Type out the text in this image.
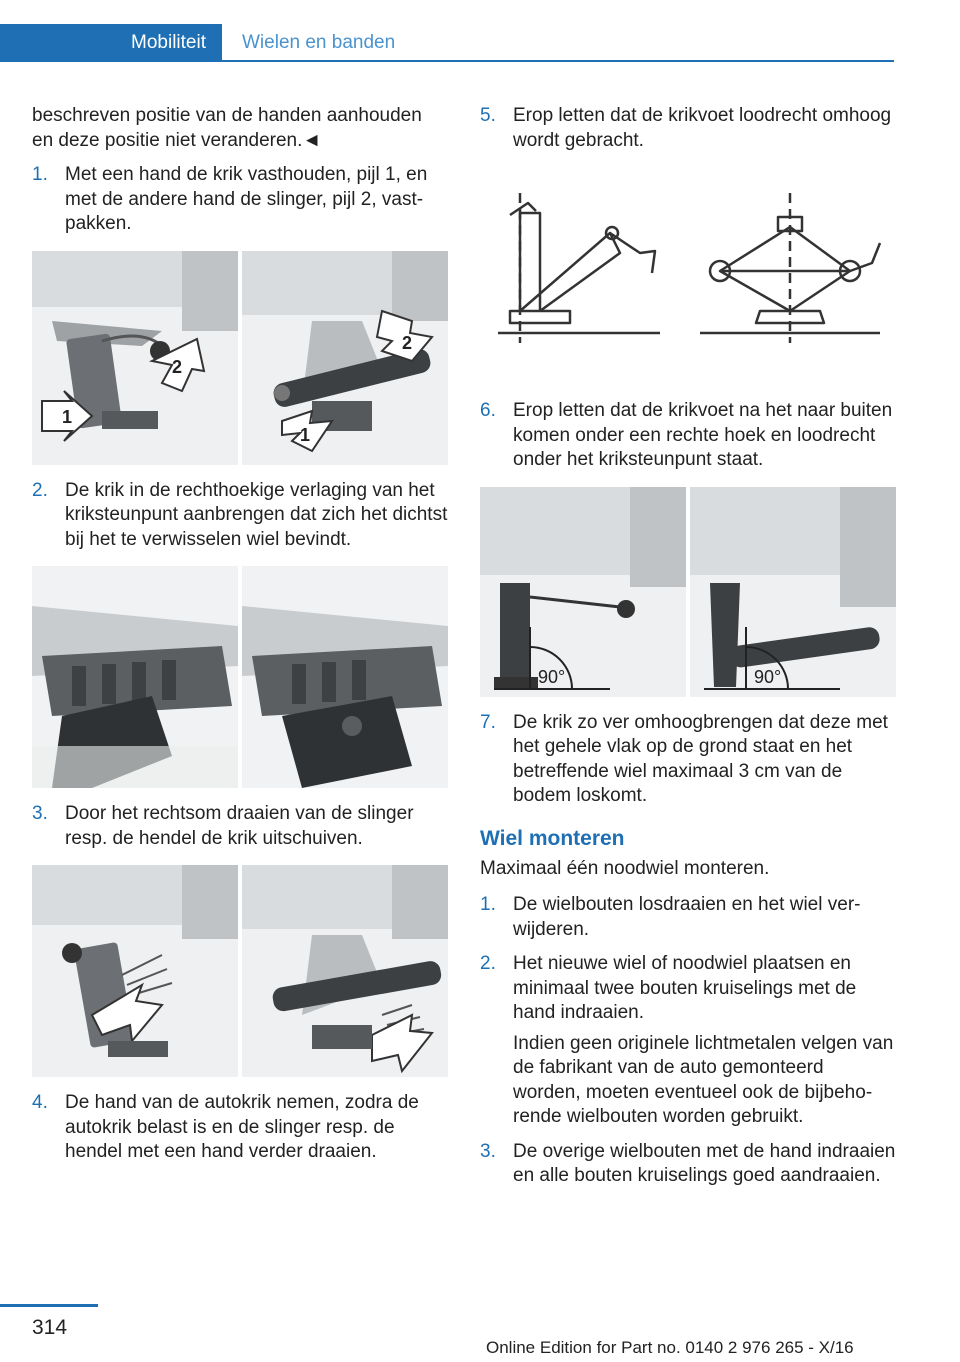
Mobiliteit	Wielen en banden

beschreven positie van de handen aanhouden en deze positie niet veranderen.◄

1. Met een hand de krik vasthouden, pijl 1, en met de andere hand de slinger, pijl 2, vastpakken.
2
1
2
1
2. De krik in de rechthoekige verlaging van het kriksteunpunt aanbrengen dat zich het dichtst bij het te verwisselen wiel bevindt.
3. Door het rechtsom draaien van de slinger resp. de hendel de krik uitschuiven.
4. De hand van de autokrik nemen, zodra de autokrik belast is en de slinger resp. de hendel met een hand verder draaien.
5. Erop letten dat de krikvoet loodrecht omhoog wordt gebracht.
6. Erop letten dat de krikvoet na het naar buiten komen onder een rechte hoek en loodrecht onder het kriksteunpunt staat.
90°	90°
7. De krik zo ver omhoogbrengen dat deze met het gehele vlak op de grond staat en het betreffende wiel maximaal 3 cm van de bodem loskomt.
Wiel monteren

Maximaal één noodwiel monteren.

1. De wielbouten losdraaien en het wiel verwijderen.
2. Het nieuwe wiel of noodwiel plaatsen en minimaal twee bouten kruiselings met de hand indraaien.
Indien geen originele lichtmetalen velgen van de fabrikant van de auto gemonteerd worden, moeten eventueel ook de bijbehorende wielbouten worden gebruikt.
3. De overige wielbouten met de hand indraaien en alle bouten kruiselings goed aandraaien.
314
Online Edition for Part no. 0140 2 976 265 - X/16
